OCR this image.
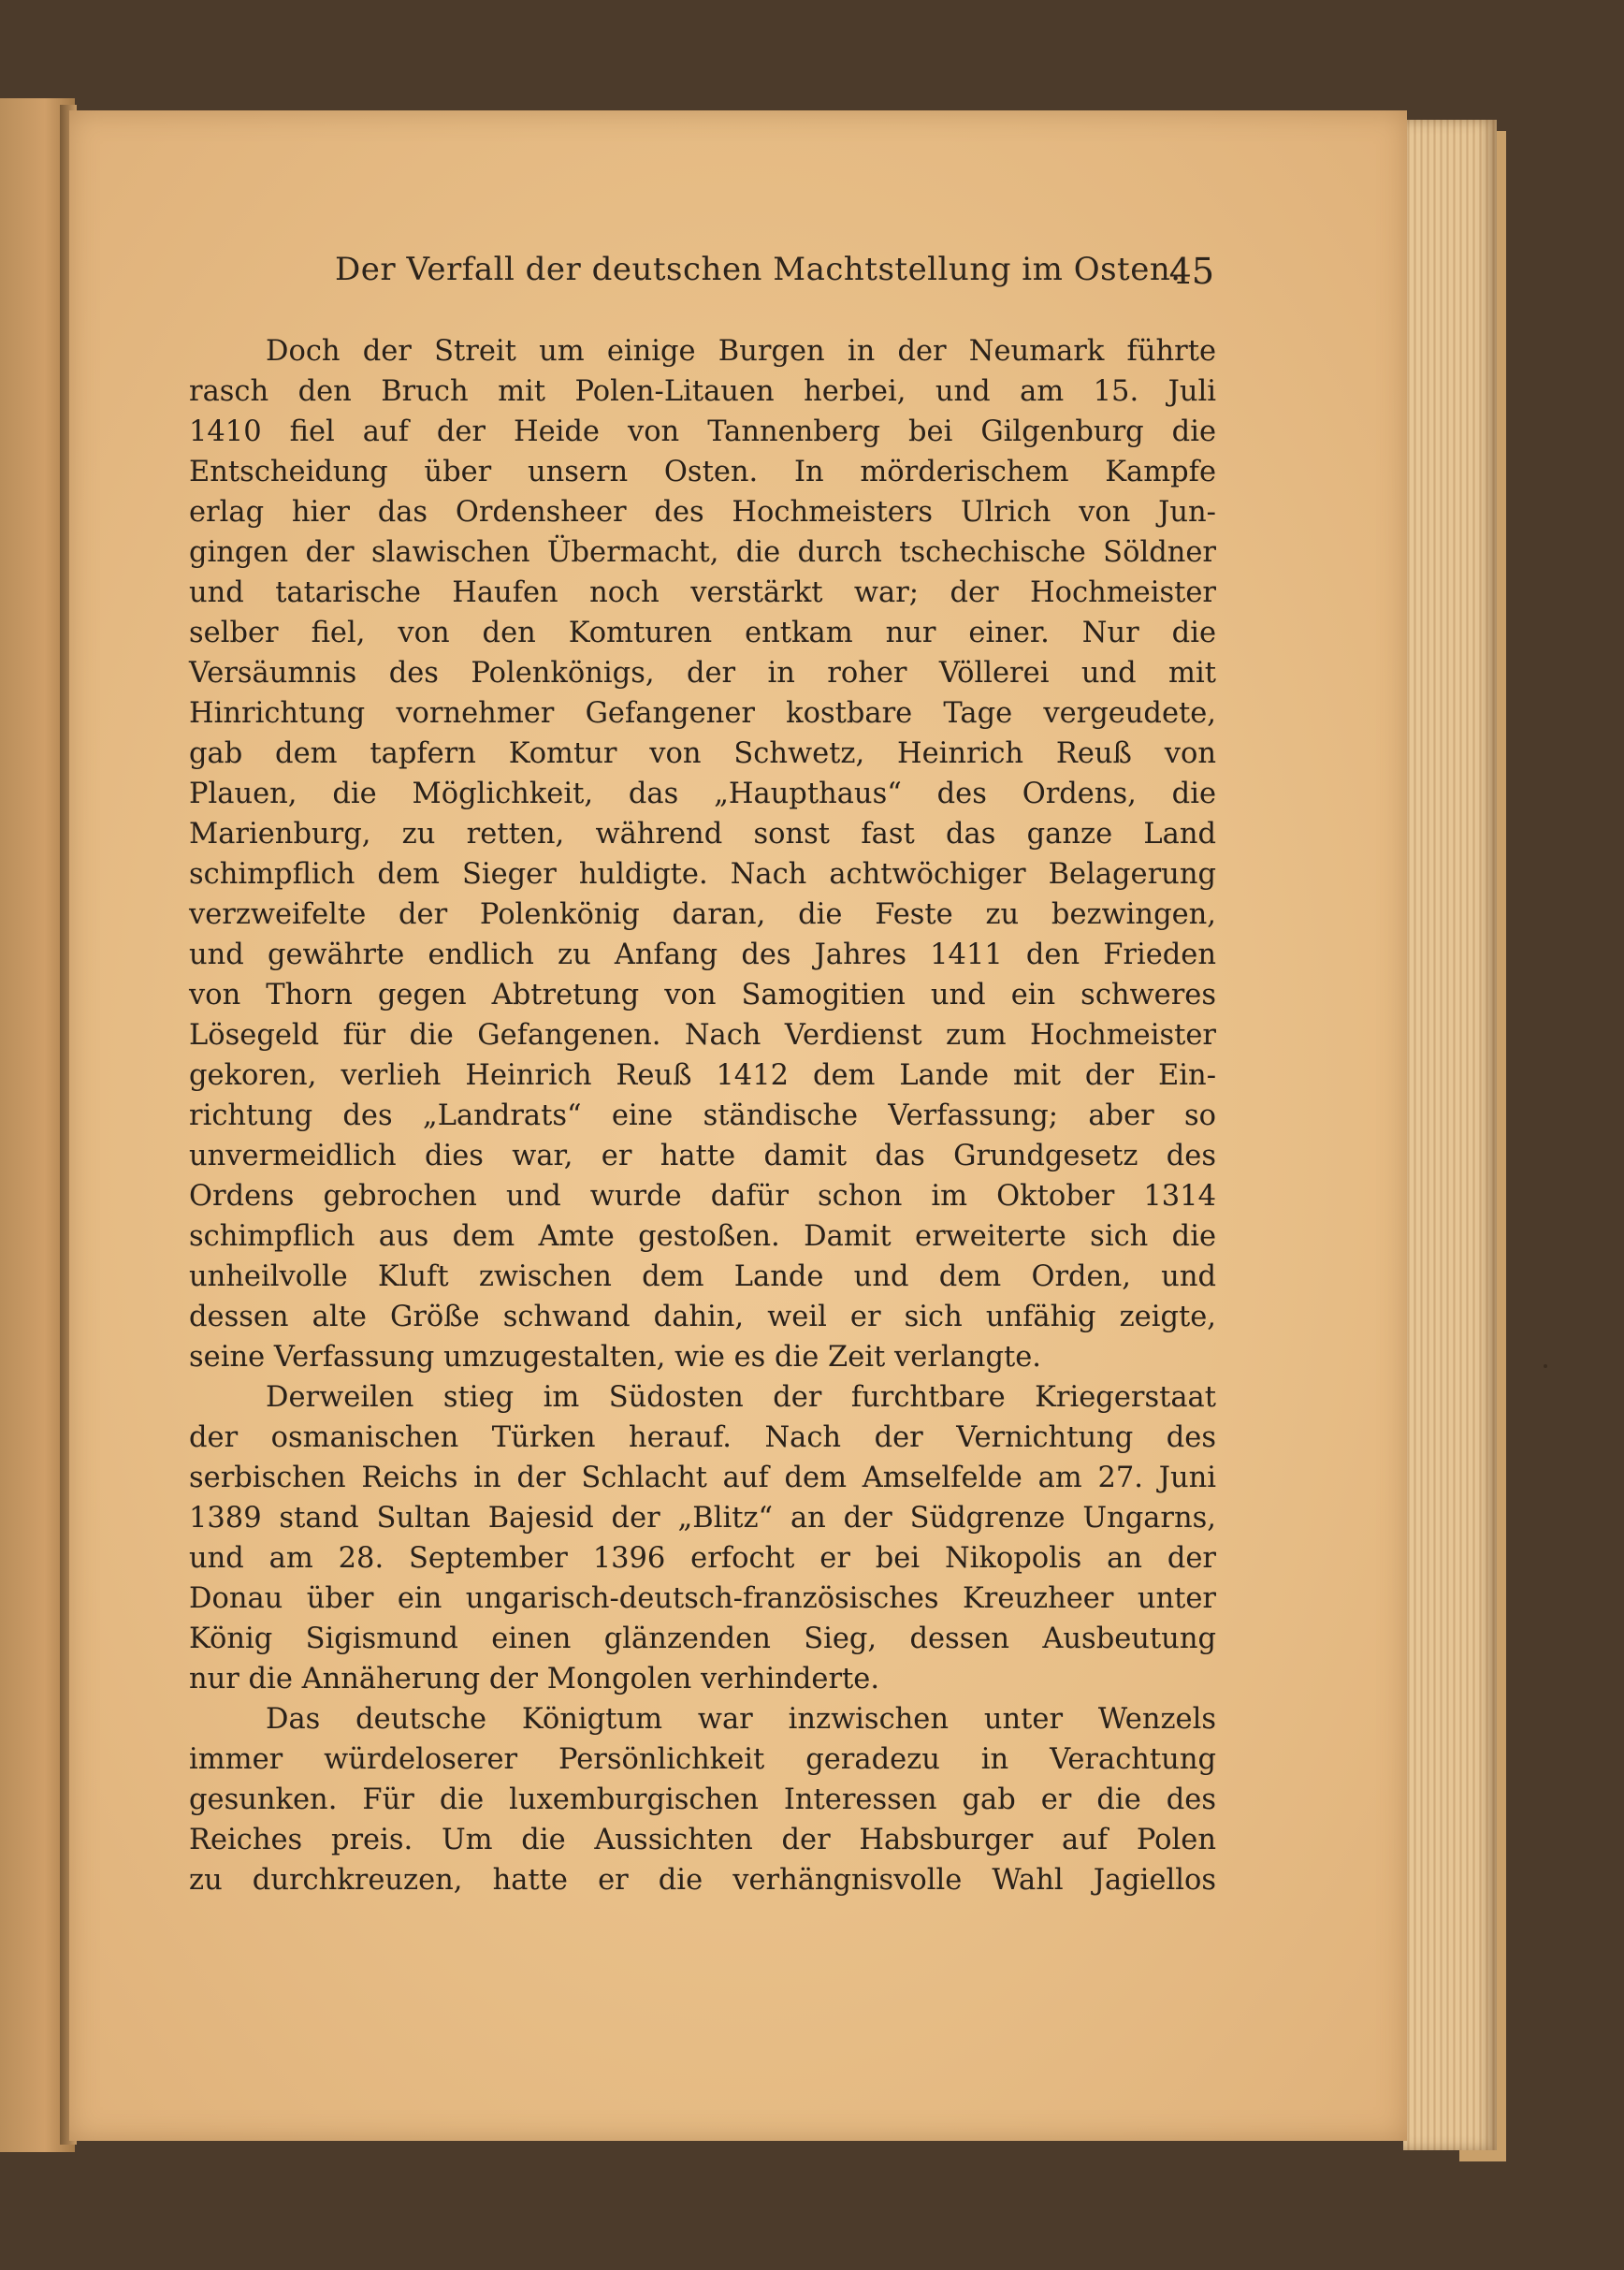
Der Verfall der deutschen Machtstellung im Osten.
45
Doch der Streit um einige Burgen in der Neumark führte
rasch den Bruch mit Polen-Litauen herbei, und am 15. Juli
1410 fiel auf der Heide von Tannenberg bei Gilgenburg die
Entscheidung über unsern Osten. In mörderischem Kampfe
erlag hier das Ordensheer des Hochmeisters Ulrich von Jun-
gingen der slawischen Übermacht, die durch tschechische Söldner
und tatarische Haufen noch verstärkt war; der Hochmeister
selber fiel, von den Komturen entkam nur einer. Nur die
Versäumnis des Polenkönigs, der in roher Völlerei und mit
Hinrichtung vornehmer Gefangener kostbare Tage vergeudete,
gab dem tapfern Komtur von Schwetz, Heinrich Reuß von
Plauen, die Möglichkeit, das „Haupthaus“ des Ordens, die
Marienburg, zu retten, während sonst fast das ganze Land
schimpflich dem Sieger huldigte. Nach achtwöchiger Belagerung
verzweifelte der Polenkönig daran, die Feste zu bezwingen,
und gewährte endlich zu Anfang des Jahres 1411 den Frieden
von Thorn gegen Abtretung von Samogitien und ein schweres
Lösegeld für die Gefangenen. Nach Verdienst zum Hochmeister
gekoren, verlieh Heinrich Reuß 1412 dem Lande mit der Ein-
richtung des „Landrats“ eine ständische Verfassung; aber so
unvermeidlich dies war, er hatte damit das Grundgesetz des
Ordens gebrochen und wurde dafür schon im Oktober 1314
schimpflich aus dem Amte gestoßen. Damit erweiterte sich die
unheilvolle Kluft zwischen dem Lande und dem Orden, und
dessen alte Größe schwand dahin, weil er sich unfähig zeigte,
seine Verfassung umzugestalten, wie es die Zeit verlangte.
Derweilen stieg im Südosten der furchtbare Kriegerstaat
der osmanischen Türken herauf. Nach der Vernichtung des
serbischen Reichs in der Schlacht auf dem Amselfelde am 27. Juni
1389 stand Sultan Bajesid der „Blitz“ an der Südgrenze Ungarns,
und am 28. September 1396 erfocht er bei Nikopolis an der
Donau über ein ungarisch-deutsch-französisches Kreuzheer unter
König Sigismund einen glänzenden Sieg, dessen Ausbeutung
nur die Annäherung der Mongolen verhinderte.
Das deutsche Königtum war inzwischen unter Wenzels
immer würdeloserer Persönlichkeit geradezu in Verachtung
gesunken. Für die luxemburgischen Interessen gab er die des
Reiches preis. Um die Aussichten der Habsburger auf Polen
zu durchkreuzen, hatte er die verhängnisvolle Wahl Jagiellos
